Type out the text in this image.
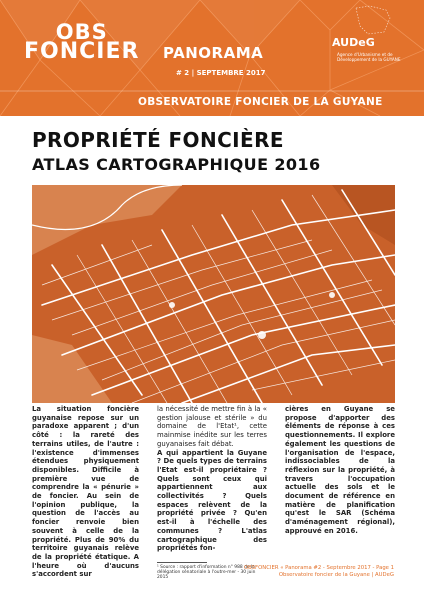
OBS
FONCIER PANORAMA
# 2 | SEPTEMBRE 2017
AUDeG
Agence d'Urbanisme et de Développement de la GUYANE
OBSERVATOIRE FONCIER DE LA GUYANE
PROPRIÉTÉ FONCIÈRE
ATLAS CARTOGRAPHIQUE 2016

La situation foncière guyanaise repose sur un paradoxe apparent ; d'un côté : la rareté des terrains utiles, de l'autre : l'existence d'immenses étendues physiquement disponibles. Difficile à première vue de comprendre la « pénurie » de foncier. Au sein de l'opinion publique, la question de l'accès au foncier renvoie bien souvent à celle de la propriété. Plus de 90% du territoire guyanais relève de la propriété étatique. A l'heure où d'aucuns s'accordent sur

la nécessité de mettre fin à la « gestion jalouse et stérile » du domaine de l'Etat¹, cette mainmise inédite sur les terres guyanaises fait débat.

A qui appartient la Guyane ? De quels types de terrains l'Etat est-il propriétaire ? Quels sont ceux qui appartiennent aux collectivités ? Quels espaces relèvent de la propriété privée ? Qu'en est-il à l'échelle des communes ? L'atlas cartographique des propriétés fon-

cières en Guyane se propose d'apporter des éléments de réponse à ces questionnements. Il explore également les questions de l'organisation de l'espace, indissociables de la réflexion sur la propriété, à travers l'occupation actuelle des sols et le document de référence en matière de planification qu'est le SAR (Schéma d'aménagement régional), approuvé en 2016.

¹ Source : rapport d'information n° 988 de la délégation sénatoriale à l'outre-mer - 30 juin 2015
OBSFONCIER « Panorama #2 - Septembre 2017 - Page 1
Observatoire foncier de la Guyane | AUDeG
